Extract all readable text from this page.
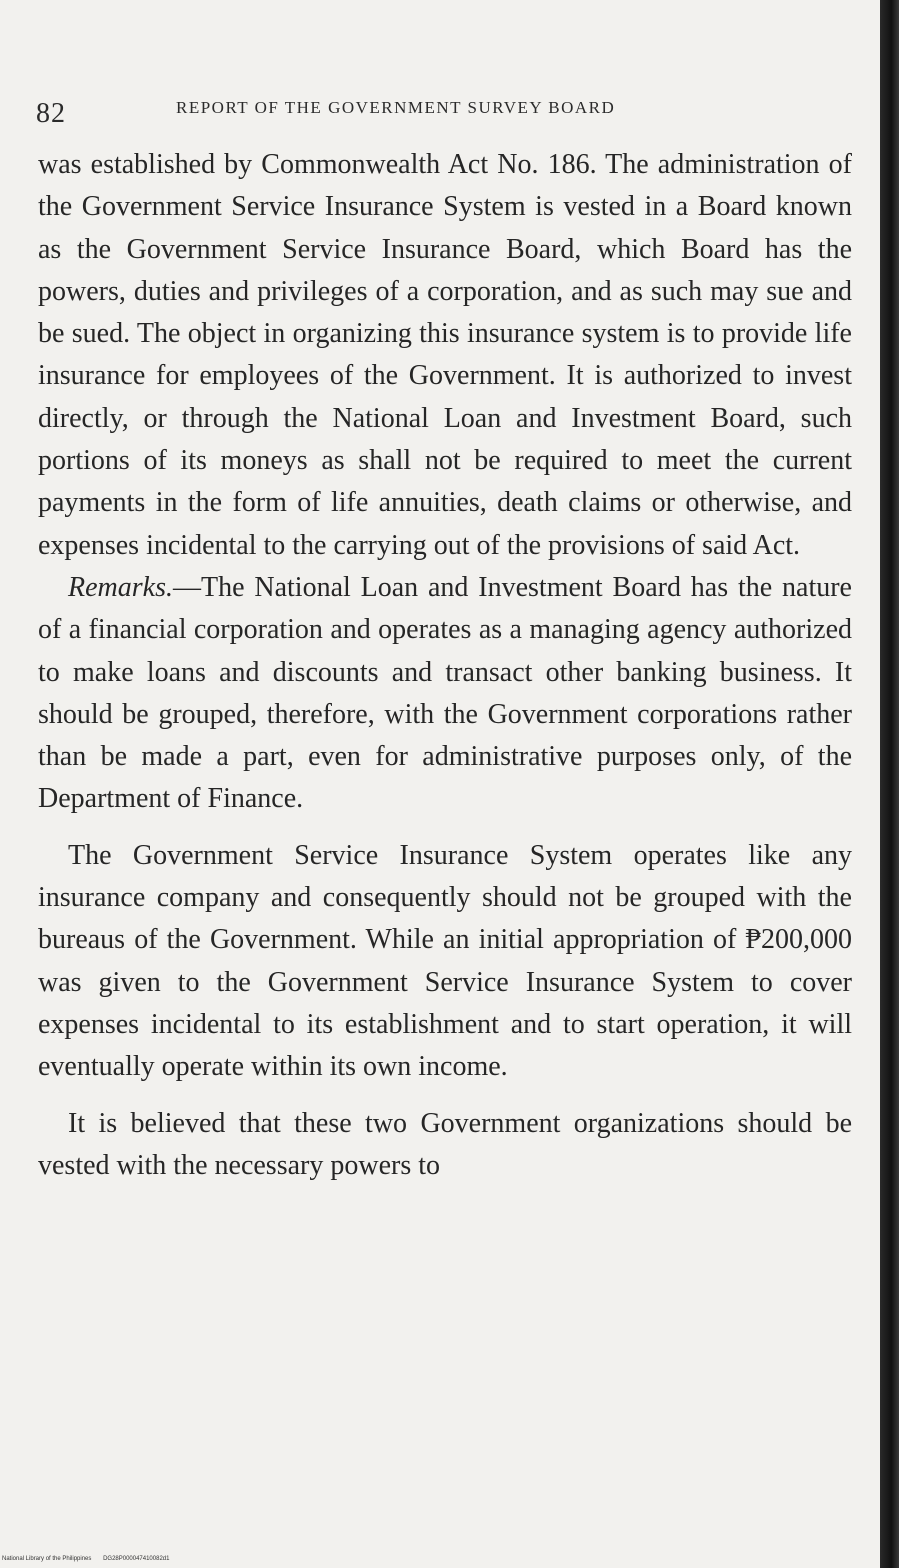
82	REPORT OF THE GOVERNMENT SURVEY BOARD

was established by Commonwealth Act No. 186. The administration of the Government Service Insurance System is vested in a Board known as the Government Service Insurance Board, which Board has the powers, duties and privileges of a corporation, and as such may sue and be sued. The object in organizing this insurance system is to provide life insurance for employees of the Government. It is authorized to invest directly, or through the National Loan and Investment Board, such portions of its moneys as shall not be required to meet the current payments in the form of life annuities, death claims or otherwise, and expenses incidental to the carrying out of the provisions of said Act.

Remarks.—The National Loan and Investment Board has the nature of a financial corporation and operates as a managing agency authorized to make loans and discounts and transact other banking business. It should be grouped, therefore, with the Government corporations rather than be made a part, even for administrative purposes only, of the Department of Finance.

The Government Service Insurance System operates like any insurance company and consequently should not be grouped with the bureaus of the Government. While an initial appropriation of ₱200,000 was given to the Government Service Insurance System to cover expenses incidental to its establishment and to start operation, it will eventually operate within its own income.

It is believed that these two Government organizations should be vested with the necessary powers to

National Library of the Philippines DG28P000047410082d1
